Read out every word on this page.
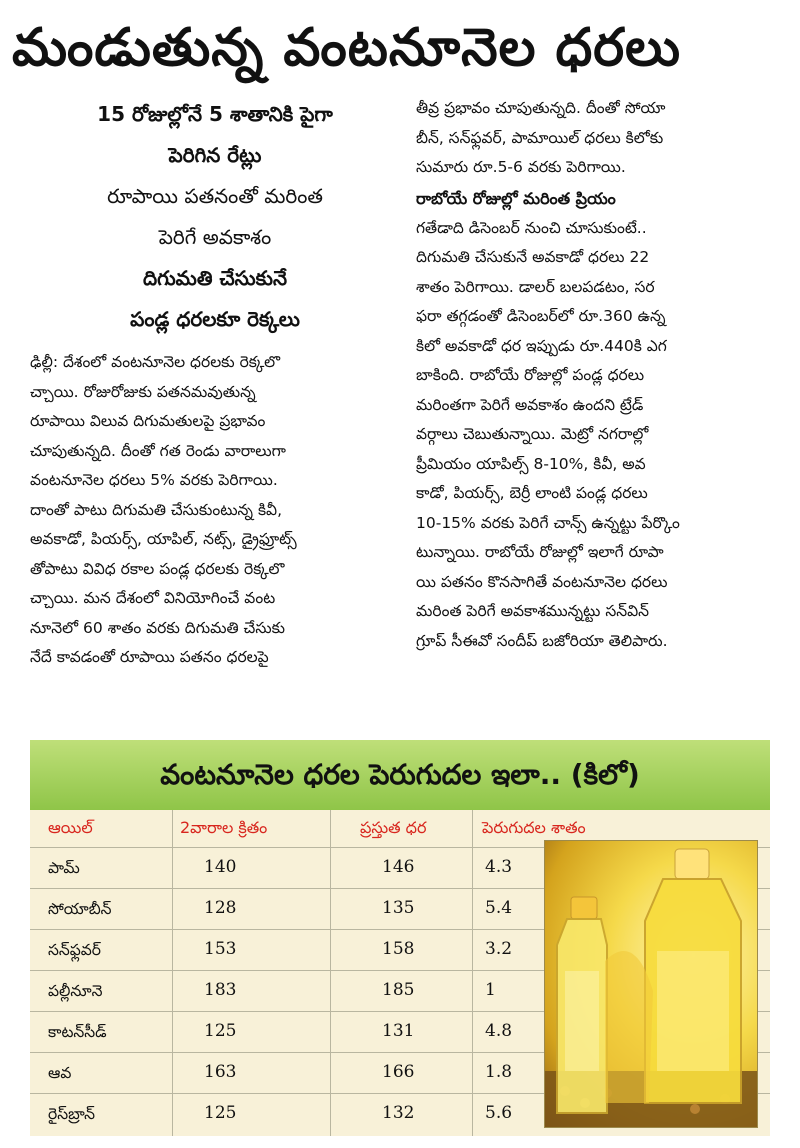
మండుతున్న వంటనూనెల ధరలు
15 రోజుల్లోనే 5 శాతానికి పైగా
పెరిగిన రేట్లు
రూపాయి పతనంతో మరింత
పెరిగే అవకాశం
దిగుమతి చేసుకునే
పండ్ల ధరలకూ రెక్కలు
ఢిల్లీ: దేశంలో వంటనూనెల ధరలకు రెక్కలొ
చ్చాయి. రోజురోజుకు పతనమవుతున్న
రూపాయి విలువ దిగుమతులపై ప్రభావం
చూపుతున్నది. దీంతో గత రెండు వారాలుగా
వంటనూనెల ధరలు 5% వరకు పెరిగాయి.
దాంతో పాటు దిగుమతి చేసుకుంటున్న కివీ,
అవకాడో, పియర్స్, యాపిల్, నట్స్, డ్రైఫ్రూట్స్
తోపాటు వివిధ రకాల పండ్ల ధరలకు రెక్కలొ
చ్చాయి. మన దేశంలో వినియోగించే వంట
నూనెలో 60 శాతం వరకు దిగుమతి చేసుకు
నేదే కావడంతో రూపాయి పతనం ధరలపై
తీవ్ర ప్రభావం చూపుతున్నది. దీంతో సోయా
బీన్, సన్‌ఫ్లవర్, పామాయిల్ ధరలు కిలోకు
సుమారు రూ.5-6 వరకు పెరిగాయి.
రాబోయే రోజుల్లో మరింత ప్రియం
గతేడాది డిసెంబర్ నుంచి చూసుకుంటే..
దిగుమతి చేసుకునే అవకాడో ధరలు 22
శాతం పెరిగాయి. డాలర్ బలపడటం, సర
ఫరా తగ్గడంతో డిసెంబర్‌లో రూ.360 ఉన్న
కిలో అవకాడో ధర ఇప్పుడు రూ.440కి ఎగ
బాకింది. రాబోయే రోజుల్లో పండ్ల ధరలు
మరింతగా పెరిగే అవకాశం ఉందని ట్రేడ్
వర్గాలు చెబుతున్నాయి. మెట్రో నగరాల్లో
ప్రీమియం యాపిల్స్ 8-10%, కివీ, అవ
కాడో, పియర్స్, బెర్రీ లాంటి పండ్ల ధరలు
10-15% వరకు పెరిగే చాన్స్ ఉన్నట్టు పేర్కొం
టున్నాయి. రాబోయే రోజుల్లో ఇలాగే రూపా
యి పతనం కొనసాగితే వంటనూనెల ధరలు
మరింత పెరిగే అవకాశమున్నట్టు సన్‌విన్
గ్రూప్ సీఈవో సందీప్ బజోరియా తెలిపారు.
వంటనూనెల ధరల పెరుగుదల ఇలా.. (కిలో)
ఆయిల్	2వారాల క్రితం	ప్రస్తుత ధర	పెరుగుదల శాతం
పామ్	140	146	4.3
సోయాబీన్	128	135	5.4
సన్‌ఫ్లవర్	153	158	3.2
పల్లీనూనె	183	185	1
కాటన్‌సీడ్	125	131	4.8
ఆవ	163	166	1.8
రైస్‌బ్రాన్	125	132	5.6
